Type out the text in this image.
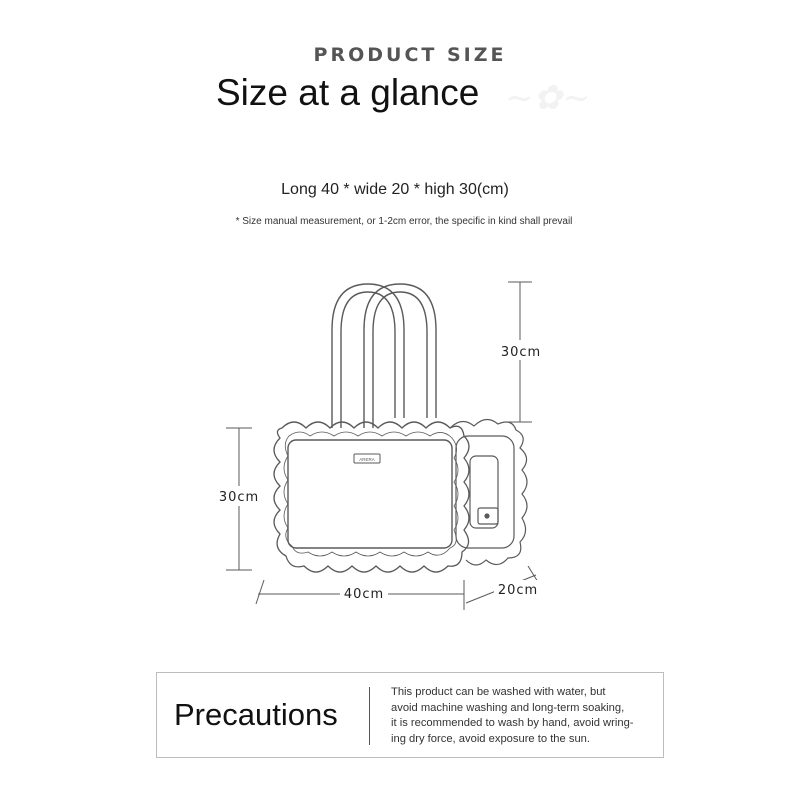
PRODUCT SIZE
Size at a glance ~✿~
Long 40 * wide 20 * high 30(cm)
* Size manual measurement, or 1-2cm error, the specific in kind shall prevail
ARERA
30cm
30cm
40cm	20cm
Precautions
This product can be washed with water, but
avoid machine washing and long-term soaking,
it is recommended to wash by hand, avoid wring-
ing dry force, avoid exposure to the sun.
